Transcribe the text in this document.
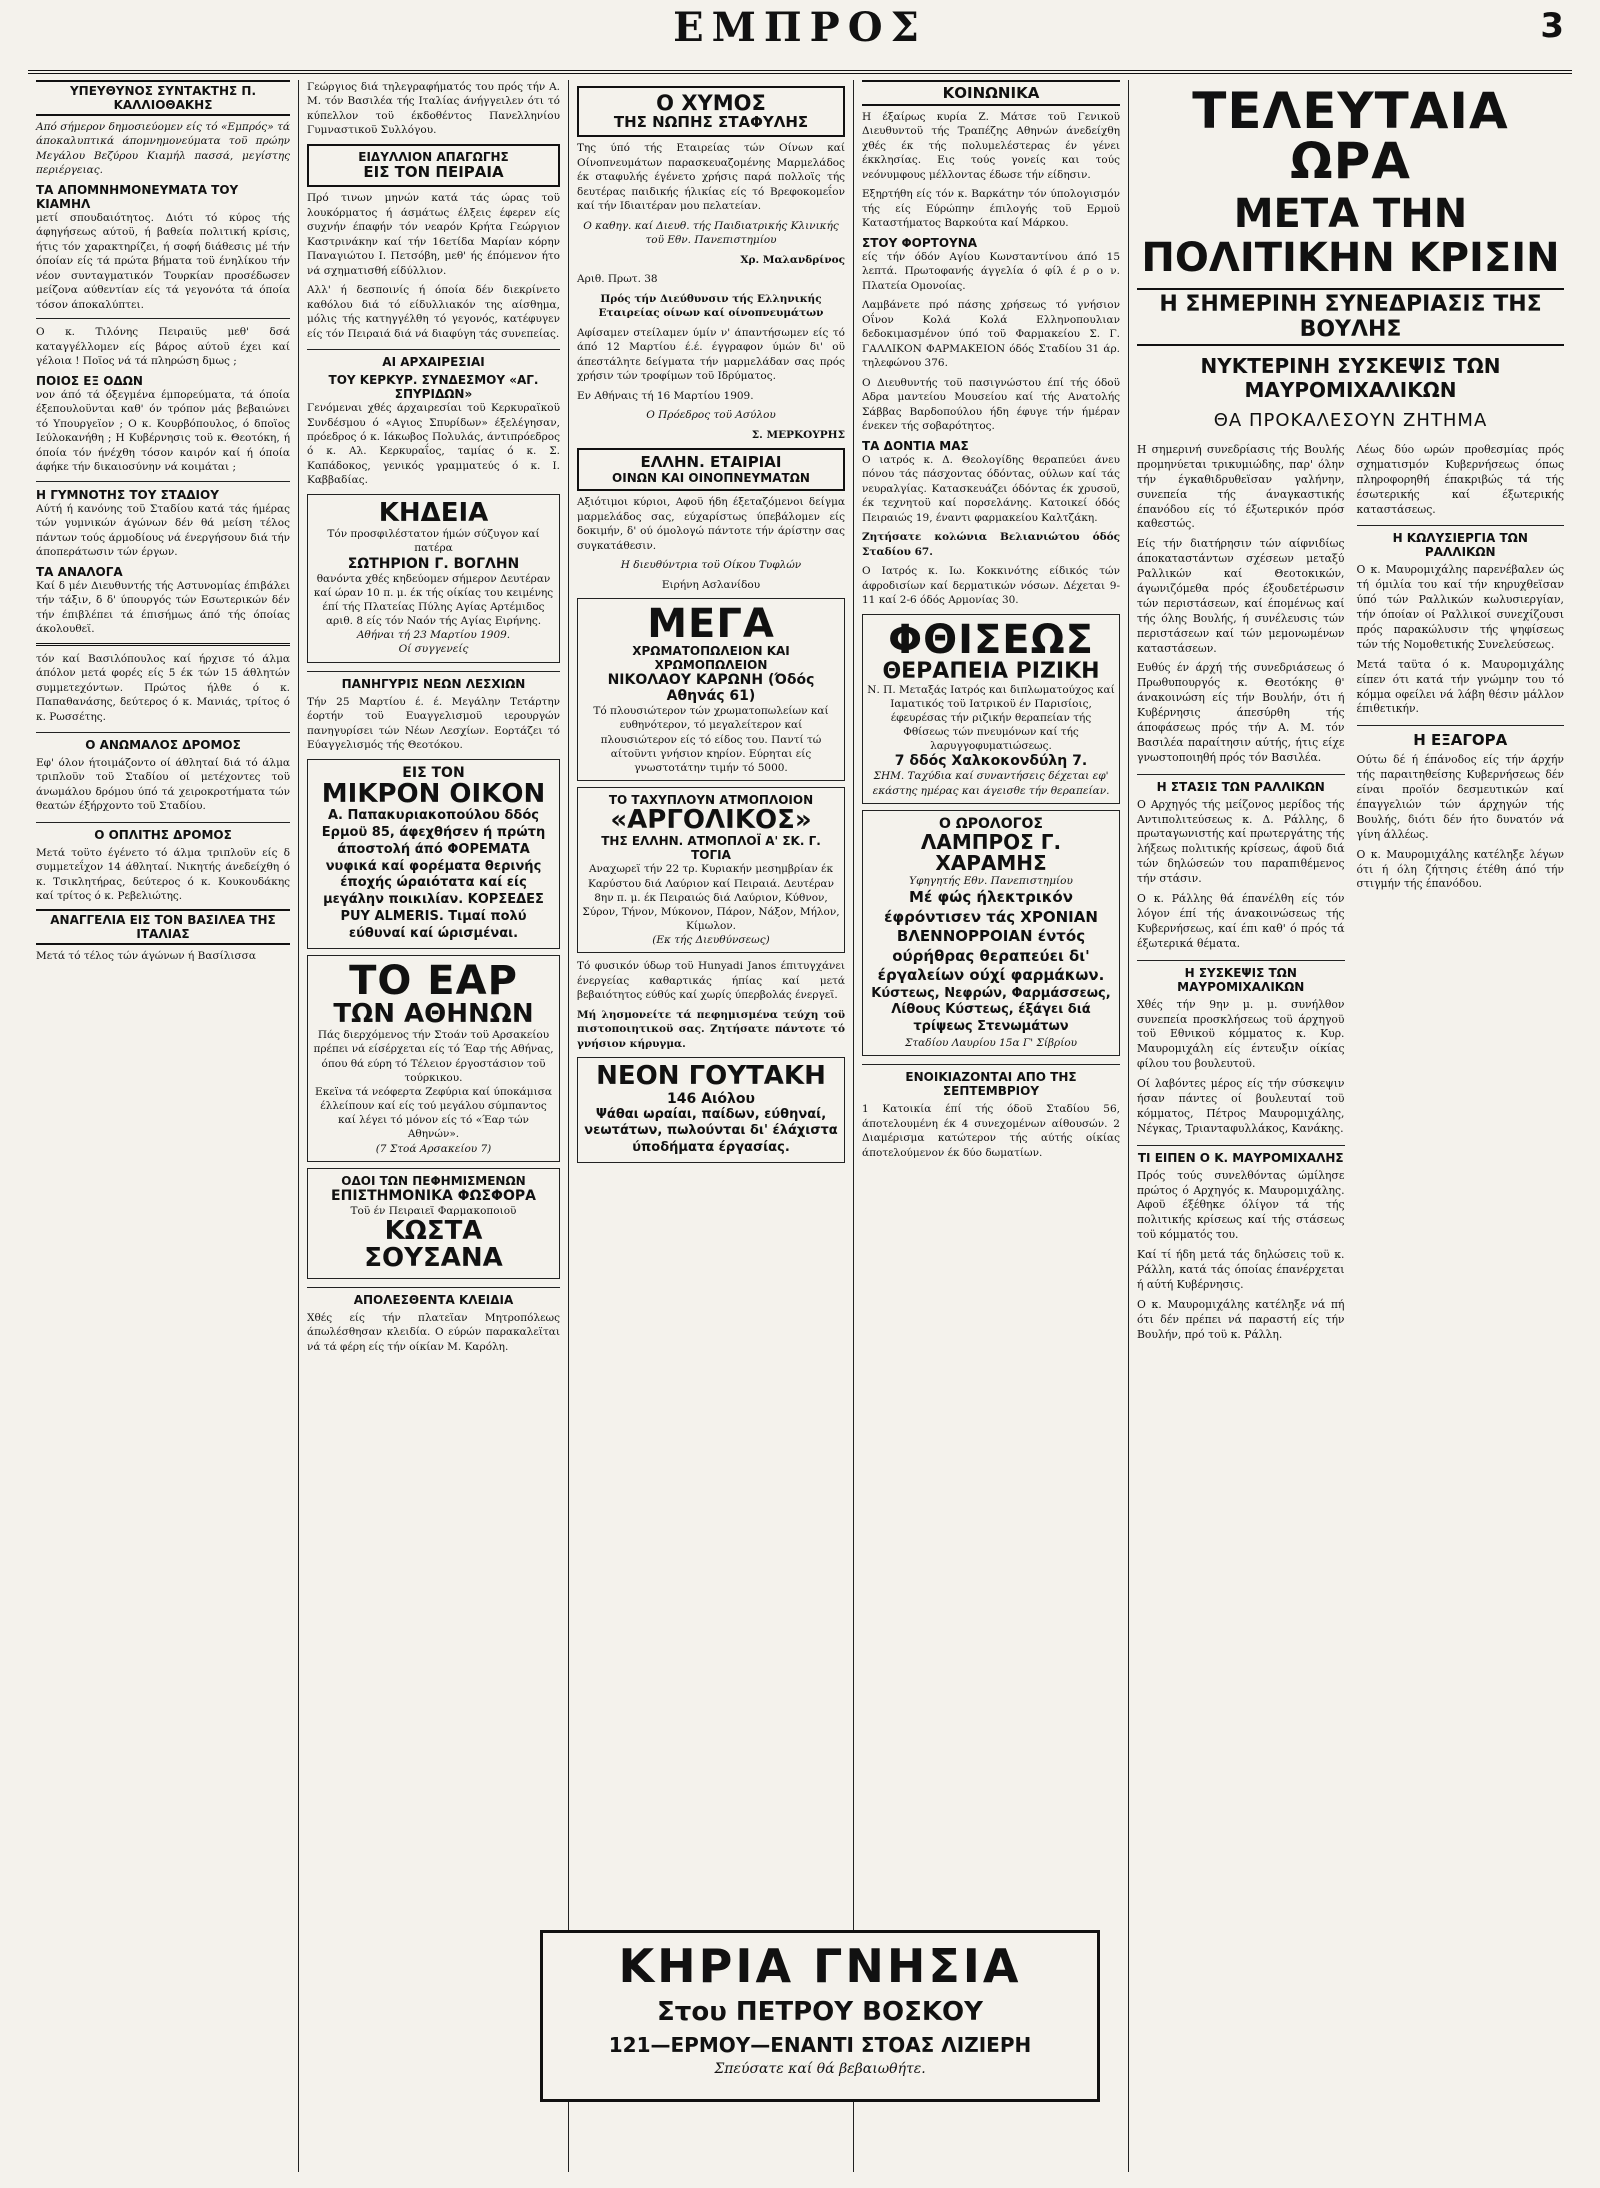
ΕΜΠΡΟΣ	3
ΥΠΕΥΘΥΝΟΣ ΣΥΝΤΑΚΤΗΣ Π. ΚΑΛΛΙΟΘΑΚΗΣ

Από σήμερον δημοσιεύομεν είς τό «Εμπρός» τά άποκαλυπτικά άπομνημονεύματα τοϋ πρώην Μεγάλου Βεζύρου Κιαμήλ πασσά, μεγίστης περιέργειας.

ΤΑ ΑΠΟΜΝΗΜΟΝΕΥΜΑΤΑ ΤΟΥ ΚΙΑΜΗΛ

μετί σπουδαιότητος. Διότι τό κύρος τής άφηγήσεως αύτοϋ, ή βαθεία πολιτική κρίσις, ήτις τόν χαρακτηρίζει, ή σοφή διάθεσις μέ τήν όποίαν είς τά πρώτα βήματα τοϋ ένηλίκου τήν νέον συνταγματικόν Τουρκίαν προσέδωσεν μείζονα αύθεντίαν είς τά γεγονότα τά όποία τόσον άποκαλύπτει.

Ο κ. Τιλόνης Πειραιϋς μεθ' δσά καταγγέλλομεν είς βάρος αύτοϋ έχει καί γέλοια ! Ποϊος νά τά πληρώση δμως ;

ΠΟΙΟΣ ΕΞ ΟΔΩΝ

νον άπό τά όξεγμένα έμπορεύματα, τά όποία έξεπουλοϋνται καθ' όν τρόπον μάς βεβαιώνει τό Υπουργεϊον ; Ο κ. Κουρβόπουλος, ό δποϊος Ιεύλοκανήθη ; Η Κυβέρνησις τοϋ κ. Θεοτόκη, ή όποία τόν ήνέχθη τόσον καιρόν καί ή όποία άφήκε τήν δικαιοσύνην νά κοιμάται ;

Η ΓΥΜΝΟΤΗΣ ΤΟΥ ΣΤΑΔΙΟΥ

Αύτή ή κανόνης τοϋ Σταδίου κατά τάς ήμέρας τών γυμνικών άγώνων δέν θά μείση τέλος πάντων τούς άρμοδίους νά ένεργήσουν διά τήν άποπεράτωσιν τών έργων.

ΤΑ ΑΝΑΛΟΓΑ

Καί δ μέν Διευθυντής τής Αστυνομίας έπιβάλει τήν τάξιν, δ δ' ύπουργός τών Εσωτερικών δέν τήν έπιβλέπει τά έπισήμως άπό τής όποίας άκολουθεϊ.

τόν καί Βασιλόπουλος καί ήρχισε τό άλμα άπόλον μετά φορές είς 5 έκ τών 15 άθλητών συμμετεχόντων. Πρώτος ήλθε ό κ. Παπαθανάσης, δεύτερος ό κ. Μανιάς, τρίτος ό κ. Ρωσσέτης.

Ο ΑΝΩΜΑΛΟΣ ΔΡΟΜΟΣ

Εφ' όλον ήτοιμάζοντο οί άθληταί διά τό άλμα τριπλοϋν τοϋ Σταδίου οί μετέχοντες τοϋ άνωμάλου δρόμου ύπό τά χειροκροτήματα τών θεατών έξήρχοντο τοϋ Σταδίου.

Ο ΟΠΛΙΤΗΣ ΔΡΟΜΟΣ

Μετά τοϋτο έγένετο τό άλμα τριπλοϋν είς δ συμμετεΐχον 14 άθληταί. Νικητής άνεδείχθη ό κ. Τσικλητήρας, δεύτερος ό κ. Κουκουδάκης καί τρίτος ό κ. Ρεβελιώτης.

ΑΝΑΓΓΕΛΙΑ ΕΙΣ ΤΟΝ ΒΑΣΙΛΕΑ ΤΗΣ ΙΤΑΛΙΑΣ

Μετά τό τέλος τών άγώνων ή Βασίλισσα

Γεώργιος διά τηλεγραφήματός του πρός τήν Α. Μ. τόν Βασιλέα τής Ιταλίας άνήγγειλεν ότι τό κύπελλον τοϋ έκδοθέντος Πανελληνίου Γυμναστικοϋ Συλλόγου.

ΕΙΔΥΛΛΙΟΝ ΑΠΑΓΩΓΗΣ
ΕΙΣ ΤΟΝ ΠΕΙΡΑΙΑ

Πρό τινων μηνών κατά τάς ώρας τοϋ λουκόρματος ή άσμάτως έλξεις έφερεν είς συχνήν έπαφήν τόν νεαρόν Κρήτα Γεώργιον Καστρινάκην καί τήν 16ετίδα Μαρίαν κόρην Παναγιώτου Ι. Πετσόβη, μεθ' ής έπόμενον ήτο νά σχηματισθή είδύλλιον.

Αλλ' ή δεσποινίς ή όποία δέν διεκρίνετο καθόλου διά τό είδυλλιακόν της αίσθημα, μόλις τής κατηγγέλθη τό γεγονός, κατέφυγεν είς τόν Πειραιά διά νά διαφύγη τάς συνεπείας.

ΑΙ ΑΡΧΑΙΡΕΣΙΑΙ
ΤΟΥ ΚΕΡΚΥΡ. ΣΥΝΔΕΣΜΟΥ «ΑΓ. ΣΠΥΡΙΔΩΝ»

Γενόμεναι χθές άρχαιρεσίαι τοϋ Κερκυραϊκοϋ Συνδέσμου ό «Αγιος Σπυρίδων» έξελέγησαν, πρόεδρος ό κ. Ιάκωβος Πολυλάς, άντιπρόεδρος ό κ. Αλ. Κερκυραΐος, ταμίας ό κ. Σ. Καπάδοκος, γενικός γραμματεύς ό κ. Ι. Καββαδίας.

ΚΗΔΕΙΑ
Τόν προσφιλέστατον ήμών σύζυγον καί πατέρα
ΣΩΤΗΡΙΟΝ Γ. ΒΟΓΛΗΝ
θανόντα χθές κηδεύομεν σήμερον Δευτέραν καί ώραν 10 π. μ. έκ τής οίκίας του κειμένης έπί τής Πλατείας Πύλης Αγίας Αρτέμιδος αριθ. 8 είς τόν Ναόν τής Αγίας Ειρήνης.
Αθήναι τή 23 Μαρτίου 1909.
Οί συγγενείς
ΠΑΝΗΓΥΡΙΣ ΝΕΩΝ ΛΕΣΧΙΩΝ

Τήν 25 Μαρτίου έ. έ. Μεγάλην Τετάρτην έορτήν τοϋ Ευαγγελισμοϋ ιερουργών πανηγυρίσει τών Νέων Λεσχίων. Εορτάζει τό Εύαγγελισμός τής Θεοτόκου.

ΕΙΣ ΤΟΝ
ΜΙΚΡΟΝ ΟΙΚΟΝ
Α. Παπακυριακοπούλου δδός Ερμοϋ 85, άφεχθήσεν ή πρώτη άποστολή άπό ΦΟΡΕΜΑΤΑ νυφικά καί φορέματα θερινής έποχής ώραιότατα καί είς μεγάλην ποικιλίαν. ΚΟΡΣΕΔΕΣ PUY ALMERIS. Τιμαί πολύ εύθυναί καί ώρισμέναι.
ΤΟ ΕΑΡ
ΤΩΝ ΑΘΗΝΩΝ
Πάς διερχόμενος τήν Στοάν τοϋ Αρσακείου πρέπει νά είσέρχεται είς τό Έαρ τής Αθήνας, όπου θά εύρη τό Τέλειον έργοστάσιον τοϋ τούρκικου.
Εκεϊνα τά νεόφερτα Ζεφύρια καί ύποκάμισα έλλείπουν καί είς τού μεγάλου σύμπαντος καί λέγει τό μόνον είς τό «Έαρ τών Αθηνών».
(7 Στοά Αρσακείου 7)
ΟΔΟΙ ΤΩΝ ΠΕΦΗΜΙΣΜΕΝΩΝ
ΕΠΙΣΤΗΜΟΝΙΚΑ ΦΩΣΦΟΡΑ
Τοϋ έν Πειραιεϊ Φαρμακοποιοϋ
ΚΩΣΤΑ ΣΟΥΣΑΝΑ
ΑΠΟΛΕΣΘΕΝΤΑ ΚΛΕΙΔΙΑ

Χθές είς τήν πλατεϊαν Μητροπόλεως άπωλέσθησαν κλειδία. Ο εύρών παρακαλεϊται νά τά φέρη είς τήν οίκίαν Μ. Καρόλη.

Ο ΧΥΜΟΣ
ΤΗΣ ΝΩΠΗΣ ΣΤΑΦΥΛΗΣ

Της ύπό τής Εταιρείας τών Οίνων καί Οίνοπνευμάτων παρασκευαζομένης Μαρμελάδος έκ σταφυλής έγένετο χρήσις παρά πολλοϊς τής δευτέρας παιδικής ήλικίας είς τό Βρεφοκομεΐον καί τήν Ιδιαιτέραν μου πελατείαν.

Ο καθηγ. καί Διευθ. τής Παιδιατρικής Κλινικής τοϋ Εθν. Πανεπιστημίου

Χρ. Μαλανδρίνος

Αριθ. Πρωτ. 38

Πρός τήν Διεύθυνσιν τής Ελληνικής Εταιρείας οίνων καί οίνοπνευμάτων

Αφίσαμεν στείλαμεν ύμίν ν' άπαντήσωμεν είς τό άπό 12 Μαρτίου έ.έ. έγγραφον ύμών δι' οϋ άπεστάλητε δείγματα τήν μαρμελάδαν σας πρός χρήσιν τών τροφίμων τοϋ Ιδρύματος.

Εν Αθήναις τή 16 Μαρτίου 1909.

Ο Πρόεδρος τοϋ Ασύλου

Σ. ΜΕΡΚΟΥΡΗΣ

ΕΛΛΗΝ. ΕΤΑΙΡΙΑΙ
ΟΙΝΩΝ ΚΑΙ ΟΙΝΟΠΝΕΥΜΑΤΩΝ

Αξιότιμοι κύριοι, Αφοϋ ήδη έξεταζόμενοι δείγμα μαρμελάδος σας, εύχαρίστως ύπεβάλομεν είς δοκιμήν, δ' ού όμολογώ πάντοτε τήν άρίστην σας συγκατάθεσιν.

Η διευθύντρια τοϋ Οίκου Τυφλών

Ειρήνη Ασλανίδου

ΜΕΓΑ
ΧΡΩΜΑΤΟΠΩΛΕΙΟΝ ΚΑΙ ΧΡΩΜΟΠΩΛΕΙΟΝ
ΝΙΚΟΛΑΟΥ ΚΑΡΩΝΗ (Όδός Αθηνάς 61)
Τό πλουσιώτερον τών χρωματοπωλείων καί ευθηνότερον, τό μεγαλείτερον καί πλουσιώτερον είς τό είδος του. Παντί τώ αίτοϋντι γνήσιον κηρίον. Εύρηται είς γνωστοτάτην τιμήν τό 5000.
ΤΟ ΤΑΧΥΠΛΟΥΝ ΑΤΜΟΠΛΟΙΟΝ
«ΑΡΓΟΛΙΚΟΣ»
ΤΗΣ ΕΛΛΗΝ. ΑΤΜΟΠΛΟΪ Α' ΣΚ. Γ. ΤΟΓΙΑ
Αναχωρεϊ τήν 22 τρ. Κυριακήν μεσημβρίαν έκ Καρύστου διά Λαύριον καί Πειραιά. Δευτέραν 8ην π. μ. έκ Πειραιώς διά Λαύριον, Κύθνον, Σύρον, Τήνον, Μύκονον, Πάρον, Νάξον, Μήλον, Κίμωλον.
(Εκ τής Διευθύνσεως)

Τό φυσικόν ύδωρ τοϋ Hunyadi Janos έπιτυγχάνει ένεργείας καθαρτικάς ήπίας καί μετά βεβαιότητος εύθύς καί χωρίς ύπερβολάς ένεργεϊ.

Μή λησμονείτε τά πεφημισμένα τεύχη τοϋ πιστοποιητικοϋ σας. Ζητήσατε πάντοτε τό γνήσιον κήρυγμα.

ΝΕΟΝ ΓΟΥΤΑΚΗ
146 Αιόλου
Ψάθαι ωραίαι, παίδων, εύθηναί, νεωτάτων, πωλούνται δι' έλάχιστα ύποδήματα έργασίας.
ΚΟΙΝΩΝΙΚΑ

Η έξαίρως κυρία Ζ. Μάτσε τοϋ Γενικοϋ Διευθυντοϋ τής Τραπέζης Αθηνών άνεδείχθη χθές έκ τής πολυμελέστερας έν γένει έκκλησίας. Εις τούς γονείς και τούς νεόνυμφους μέλλοντας έδωσε τήν είδησιν.

Εξηρτήθη είς τόν κ. Βαρκάτην τόν ύπολογισμόν τής είς Εύρώπην έπιλογής τοϋ Ερμοϋ Καταστήματος Βαρκούτα καί Μάρκου.

ΣΤΟΥ ΦΟΡΤΟΥΝΑ

είς τήν όδόν Αγίου Κωνσταντίνου άπό 15 λεπτά. Πρωτοφανής άγγελία ό φίλ έ ρ ο ν. Πλατεία Ομονοίας.

Λαμβάνετε πρό πάσης χρήσεως τό γνήσιον Οΐνον Κολά Κολά Ελληνοπουλιαν δεδοκιμασμένον ύπό τοϋ Φαρμακείου Σ. Γ. ΓΑΛΛΙΚΟΝ ΦΑΡΜΑΚΕΙΟΝ όδός Σταδίου 31 άρ. τηλεφώνου 376.

Ο Διευθυντής τοϋ πασιγνώστου έπί τής όδοϋ Αδρα μαντείου Μουσείου καί τής Ανατολής Σάββας Βαρδοπούλου ήδη έφυγε τήν ήμέραν ένεκεν τής σοβαρότητος.

ΤΑ ΔΟΝΤΙΑ ΜΑΣ

Ο ιατρός κ. Δ. Θεολογίδης θεραπεύει άνευ πόνου τάς πάσχοντας όδόντας, ούλων καί τάς νευραλγίας. Κατασκευάζει όδόντας έκ χρυσοϋ, έκ τεχνητοϋ καί πορσελάνης. Κατοικεί όδός Πειραιώς 19, έναντι φαρμακείου Καλτζάκη.

Ζητήσατε κολώνια Βελιανιώτου όδός Σταδίου 67.

Ο Ιατρός κ. Ιω. Κοκκινότης είδικός τών άφροδισίων καί δερματικών νόσων. Δέχεται 9-11 καί 2-6 όδός Αρμονίας 30.

ΦΘΙΣΕΩΣ
ΘΕΡΑΠΕΙΑ ΡΙΖΙΚΗ
Ν. Π. Μεταξάς Ιατρός και διπλωματούχος καί Ιαματικός τοϋ Ιατρικοϋ έν Παρισίοις, έφευρέσας τήν ριζικήν θεραπείαν τής Φθίσεως τών πνευμόνων καί τής λαρυγγοφυματιώσεως.
7 δδός Χαλκοκονδύλη 7.
ΣΗΜ. Ταχύδια καί συναντήσεις δέχεται εφ' εκάστης ημέρας και άγεισθε τήν θεραπείαν.
Ο ΩΡΟΛΟΓΟΣ
ΛΑΜΠΡΟΣ Γ. ΧΑΡΑΜΗΣ
Υφηγητής Εθν. Πανεπιστημίου
Μέ φώς ήλεκτρικόν έφρόντισεν τάς ΧΡΟΝΙΑΝ ΒΛΕΝΝΟΡΡΟΙΑΝ έντός ούρήθρας θεραπεύει δι' έργαλείων ούχί φαρμάκων.
Κύστεως, Νεφρών, Φαρμάσσεως, Λίθους Κύστεως, έξάγει διά τρίψεως Στενωμάτων
Σταδίου Λαυρίου 15α Γ' Σίβρίου
ΕΝΟΙΚΙΑΖΟΝΤΑΙ ΑΠΟ ΤΗΣ ΣΕΠΤΕΜΒΡΙΟΥ

1 Κατοικία έπί τής όδοϋ Σταδίου 56, άποτελουμένη έκ 4 συνεχομένων αίθουσών. 2 Διαμέρισμα κατώτερον τής αύτής οίκίας άποτελούμενον έκ δύο δωματίων.

ΤΕΛΕΥΤΑΙΑ ΩΡΑ
ΜΕΤΑ ΤΗΝ ΠΟΛΙΤΙΚΗΝ ΚΡΙΣΙΝ
Η ΣΗΜΕΡΙΝΗ ΣΥΝΕΔΡΙΑΣΙΣ ΤΗΣ ΒΟΥΛΗΣ
ΝΥΚΤΕΡΙΝΗ ΣΥΣΚΕΨΙΣ ΤΩΝ ΜΑΥΡΟΜΙΧΑΛΙΚΩΝ
ΘΑ ΠΡΟΚΑΛΕΣΟΥΝ ΖΗΤΗΜΑ

Η σημερινή συνεδρίασις τής Βουλής προμηνύεται τρικυμιώδης, παρ' όλην τήν έγκαθιδρυθεϊσαν γαλήνην, συνεπεία τής άναγκαστικής έπανόδου είς τό έξωτερικόν πρόσ καθεστώς.

Είς τήν διατήρησιν τών αίφνιδίως άποκαταστάντων σχέσεων μεταξύ Ραλλικών καί Θεοτοκικών, άγωνιζόμεθα πρός έξουδετέρωσιν τών περιστάσεων, καί έπομένως καί τής όλης Βουλής, ή συνέλευσις τών περιστάσεων καί τών μεμονωμένων καταστάσεων.

Ευθύς έν άρχή τής συνεδριάσεως ό Πρωθυπουργός κ. Θεοτόκης θ' άνακοινώση είς τήν Βουλήν, ότι ή Κυβέρνησις άπεσύρθη τής άποφάσεως πρός τήν Α. Μ. τόν Βασιλέα παραίτησιν αύτής, ήτις είχε γνωστοποιηθή πρός τόν Βασιλέα.

Η ΣΤΑΣΙΣ ΤΩΝ ΡΑΛΛΙΚΩΝ

Ο Αρχηγός τής μείζονος μερίδος τής Αντιπολιτεύσεως κ. Δ. Ράλλης, δ πρωταγωνιστής καί πρωτεργάτης τής λήξεως πολιτικής κρίσεως, άφοϋ διά τών δηλώσεών του παραπιθέμενος τήν στάσιν.

Ο κ. Ράλλης θά έπανέλθη είς τόν λόγον έπί τής άνακοινώσεως τής Κυβερνήσεως, καί έπι καθ' ό πρός τά έξωτερικά θέματα.

Η ΣΥΣΚΕΨΙΣ ΤΩΝ ΜΑΥΡΟΜΙΧΑΛΙΚΩΝ

Χθές τήν 9ην μ. μ. συνήλθον συνεπεία προσκλήσεως τοϋ άρχηγοϋ τοϋ Εθνικοϋ κόμματος κ. Κυρ. Μαυρομιχάλη είς έντευξιν οίκίας φίλου του βουλευτοϋ.

Οί λαβόντες μέρος είς τήν σύσκεψιν ήσαν πάντες οί βουλευταί τοϋ κόμματος, Πέτρος Μαυρομιχάλης, Νέγκας, Τριανταφυλλάκος, Κανάκης.

ΤΙ ΕΙΠΕΝ Ο Κ. ΜΑΥΡΟΜΙΧΑΛΗΣ

Πρός τούς συνελθόντας ώμίλησε πρώτος ό Αρχηγός κ. Μαυρομιχάλης. Αφοϋ έξέθηκε όλίγον τά τής πολιτικής κρίσεως καί τής στάσεως τοϋ κόμματός του.

Καί τί ήδη μετά τάς δηλώσεις τοϋ κ. Ράλλη, κατά τάς όποίας έπανέρχεται ή αύτή Κυβέρνησις.

Ο κ. Μαυρομιχάλης κατέληξε νά πή ότι δέν πρέπει νά παραστή είς τήν Βουλήν, πρό τοϋ κ. Ράλλη.

Λέως δύο ωρών προθεσμίας πρός σχηματισμόν Κυβερνήσεως όπως πληροφορηθή έπακριβώς τά τής έσωτερικής καί έξωτερικής καταστάσεως.

Η ΚΩΛΥΣΙΕΡΓΙΑ ΤΩΝ ΡΑΛΛΙΚΩΝ

Ο κ. Μαυρομιχάλης παρενέβαλεν ώς τή όμιλία του καί τήν κηρυχθεϊσαν ύπό τών Ραλλικών κωλυσιεργίαν, τήν όποίαν οί Ραλλικοί συνεχίζουσι πρός παρακώλυσιν τής ψηφίσεως τών τής Νομοθετικής Συνελεύσεως.

Μετά ταϋτα ό κ. Μαυρομιχάλης είπεν ότι κατά τήν γνώμην του τό κόμμα οφείλει νά λάβη θέσιν μάλλον έπιθετικήν.

Η ΕΞΑΓΟΡΑ

Ούτω δέ ή έπάνοδος είς τήν άρχήν τής παραιτηθείσης Κυβερνήσεως δέν είναι προϊόν δεσμευτικών καί έπαγγελιών τών άρχηγών τής Βουλής, διότι δέν ήτο δυνατόν νά γίνη άλλέως.

Ο κ. Μαυρομιχάλης κατέληξε λέγων ότι ή όλη ζήτησις έτέθη άπό τήν στιγμήν τής έπανόδου.

ΚΗΡΙΑ ΓΝΗΣΙΑ
Στου ΠΕΤΡΟΥ ΒΟΣΚΟΥ
121—ΕΡΜΟΥ—ΕΝΑΝΤΙ ΣΤΟΑΣ ΛΙΖΙΕΡΗ
Σπεύσατε καί θά βεβαιωθήτε.
